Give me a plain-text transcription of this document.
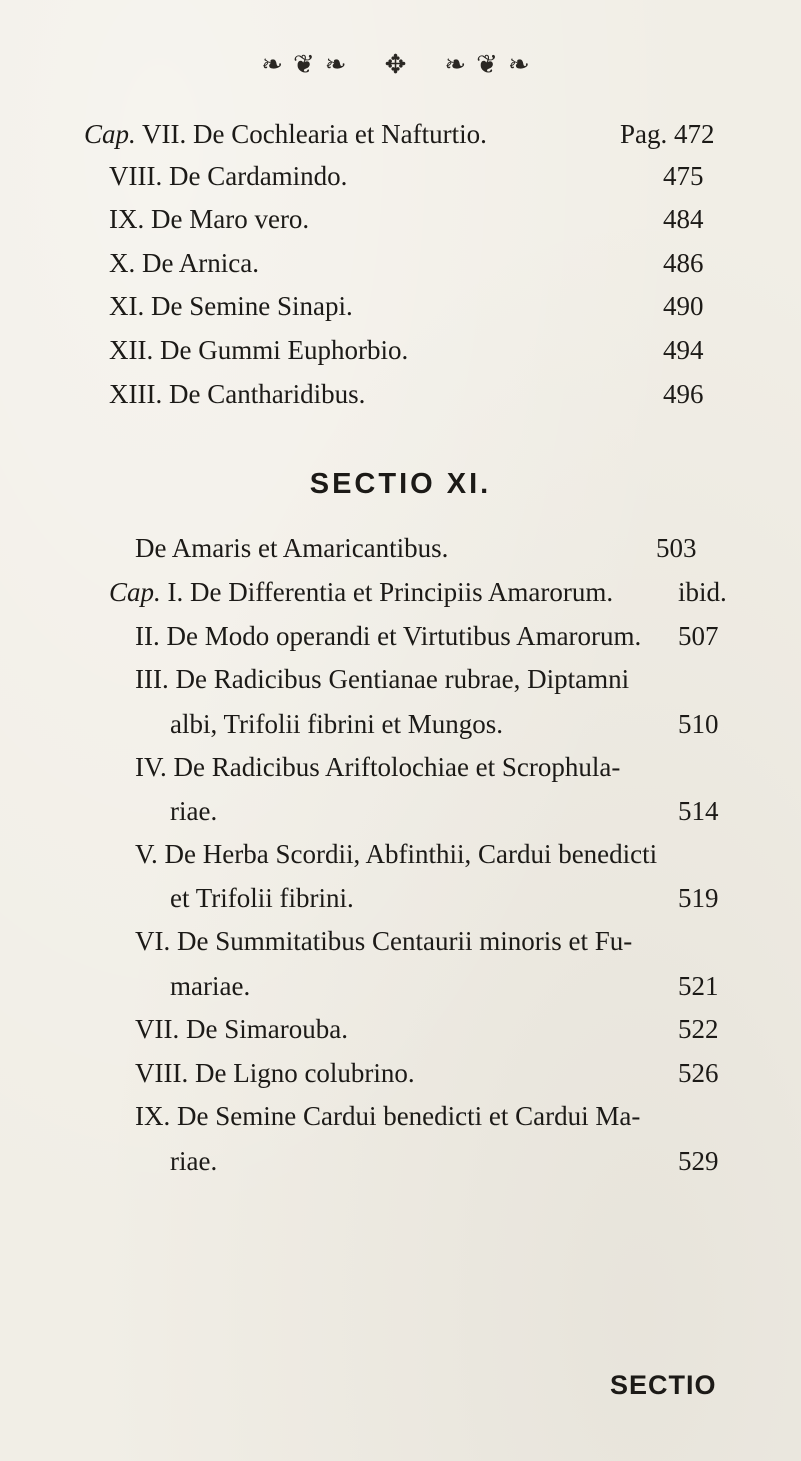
❧❦❧ ✥ ❧❦❧
Cap. VII. De Cochlearia et Nafturtio.	Pag. 472
VIII. De Cardamindo.	475
IX. De Maro vero.	484
X. De Arnica.	486
XI. De Semine Sinapi.	490
XII. De Gummi Euphorbio.	494
XIII. De Cantharidibus.	496
SECTIO XI.
De Amaris et Amaricantibus.	503
Cap. I. De Differentia et Principiis Amarorum. ibid.
II. De Modo operandi et Virtutibus Amarorum. 507
III. De Radicibus Gentianae rubrae, Diptamni
albi, Trifolii fibrini et Mungos.	510
IV. De Radicibus Ariftolochiae et Scrophula-
riae.	514
V. De Herba Scordii, Abfinthii, Cardui benedicti
et Trifolii fibrini.	519
VI. De Summitatibus Centaurii minoris et Fu-
mariae.	521
VII. De Simarouba.	522
VIII. De Ligno colubrino.	526
IX. De Semine Cardui benedicti et Cardui Ma-
riae.	529
SECTIO
